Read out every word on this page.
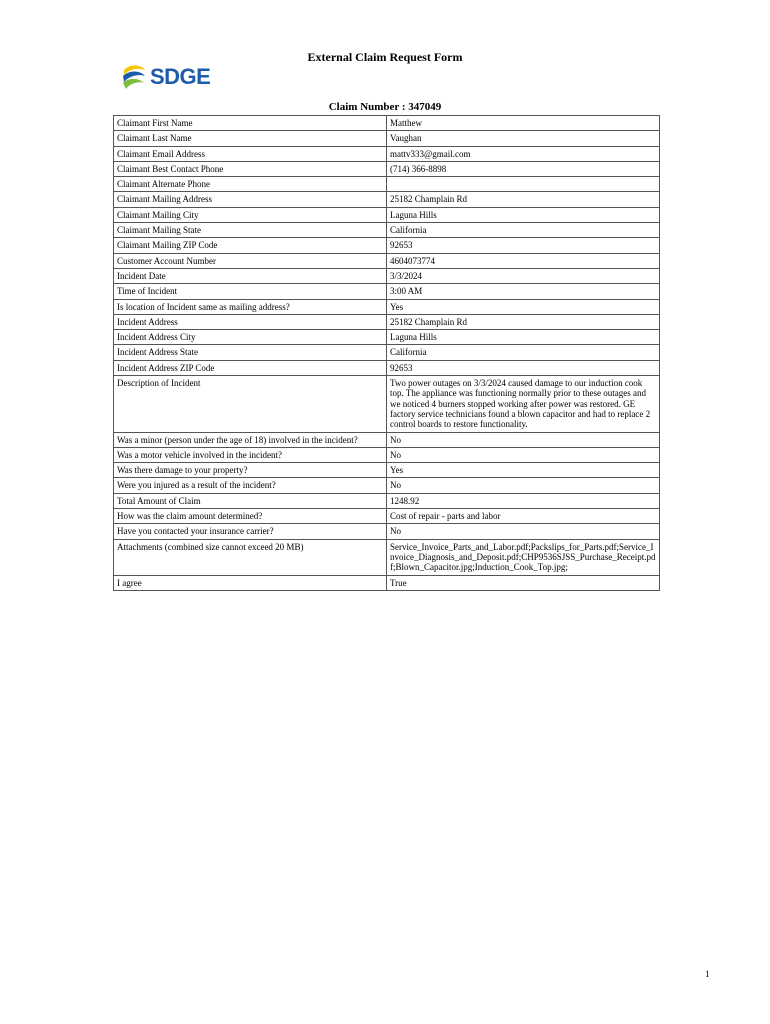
External Claim Request Form
SDGE
Claim Number : 347049
Claimant First Name	Matthew
Claimant Last Name	Vaughan
Claimant Email Address	mattv333@gmail.com
Claimant Best Contact Phone	(714) 366-8898
Claimant Alternate Phone	
Claimant Mailing Address	25182 Champlain Rd
Claimant Mailing City	Laguna Hills
Claimant Mailing State	California
Claimant Mailing ZIP Code	92653
Customer Account Number	4604073774
Incident Date	3/3/2024
Time of Incident	3:00 AM
Is location of Incident same as mailing address?	Yes
Incident Address	25182 Champlain Rd
Incident Address City	Laguna Hills
Incident Address State	California
Incident Address ZIP Code	92653
Description of Incident	Two power outages on 3/3/2024 caused damage to our induction cook top. The appliance was functioning normally prior to these outages and we noticed 4 burners stopped working after power was restored. GE factory service technicians found a blown capacitor and had to replace 2 control boards to restore functionality.
Was a minor (person under the age of 18) involved in the incident?	No
Was a motor vehicle involved in the incident?	No
Was there damage to your property?	Yes
Were you injured as a result of the incident?	No
Total Amount of Claim	1248.92
How was the claim amount determined?	Cost of repair - parts and labor
Have you contacted your insurance carrier?	No
Attachments (combined size cannot exceed 20 MB)	Service_Invoice_Parts_and_Labor.pdf;Packslips_for_Parts.pdf;Service_Invoice_Diagnosis_and_Deposit.pdf;CHP9536SJSS_Purchase_Receipt.pdf;Blown_Capacitor.jpg;Induction_Cook_Top.jpg;
I agree	True
1
